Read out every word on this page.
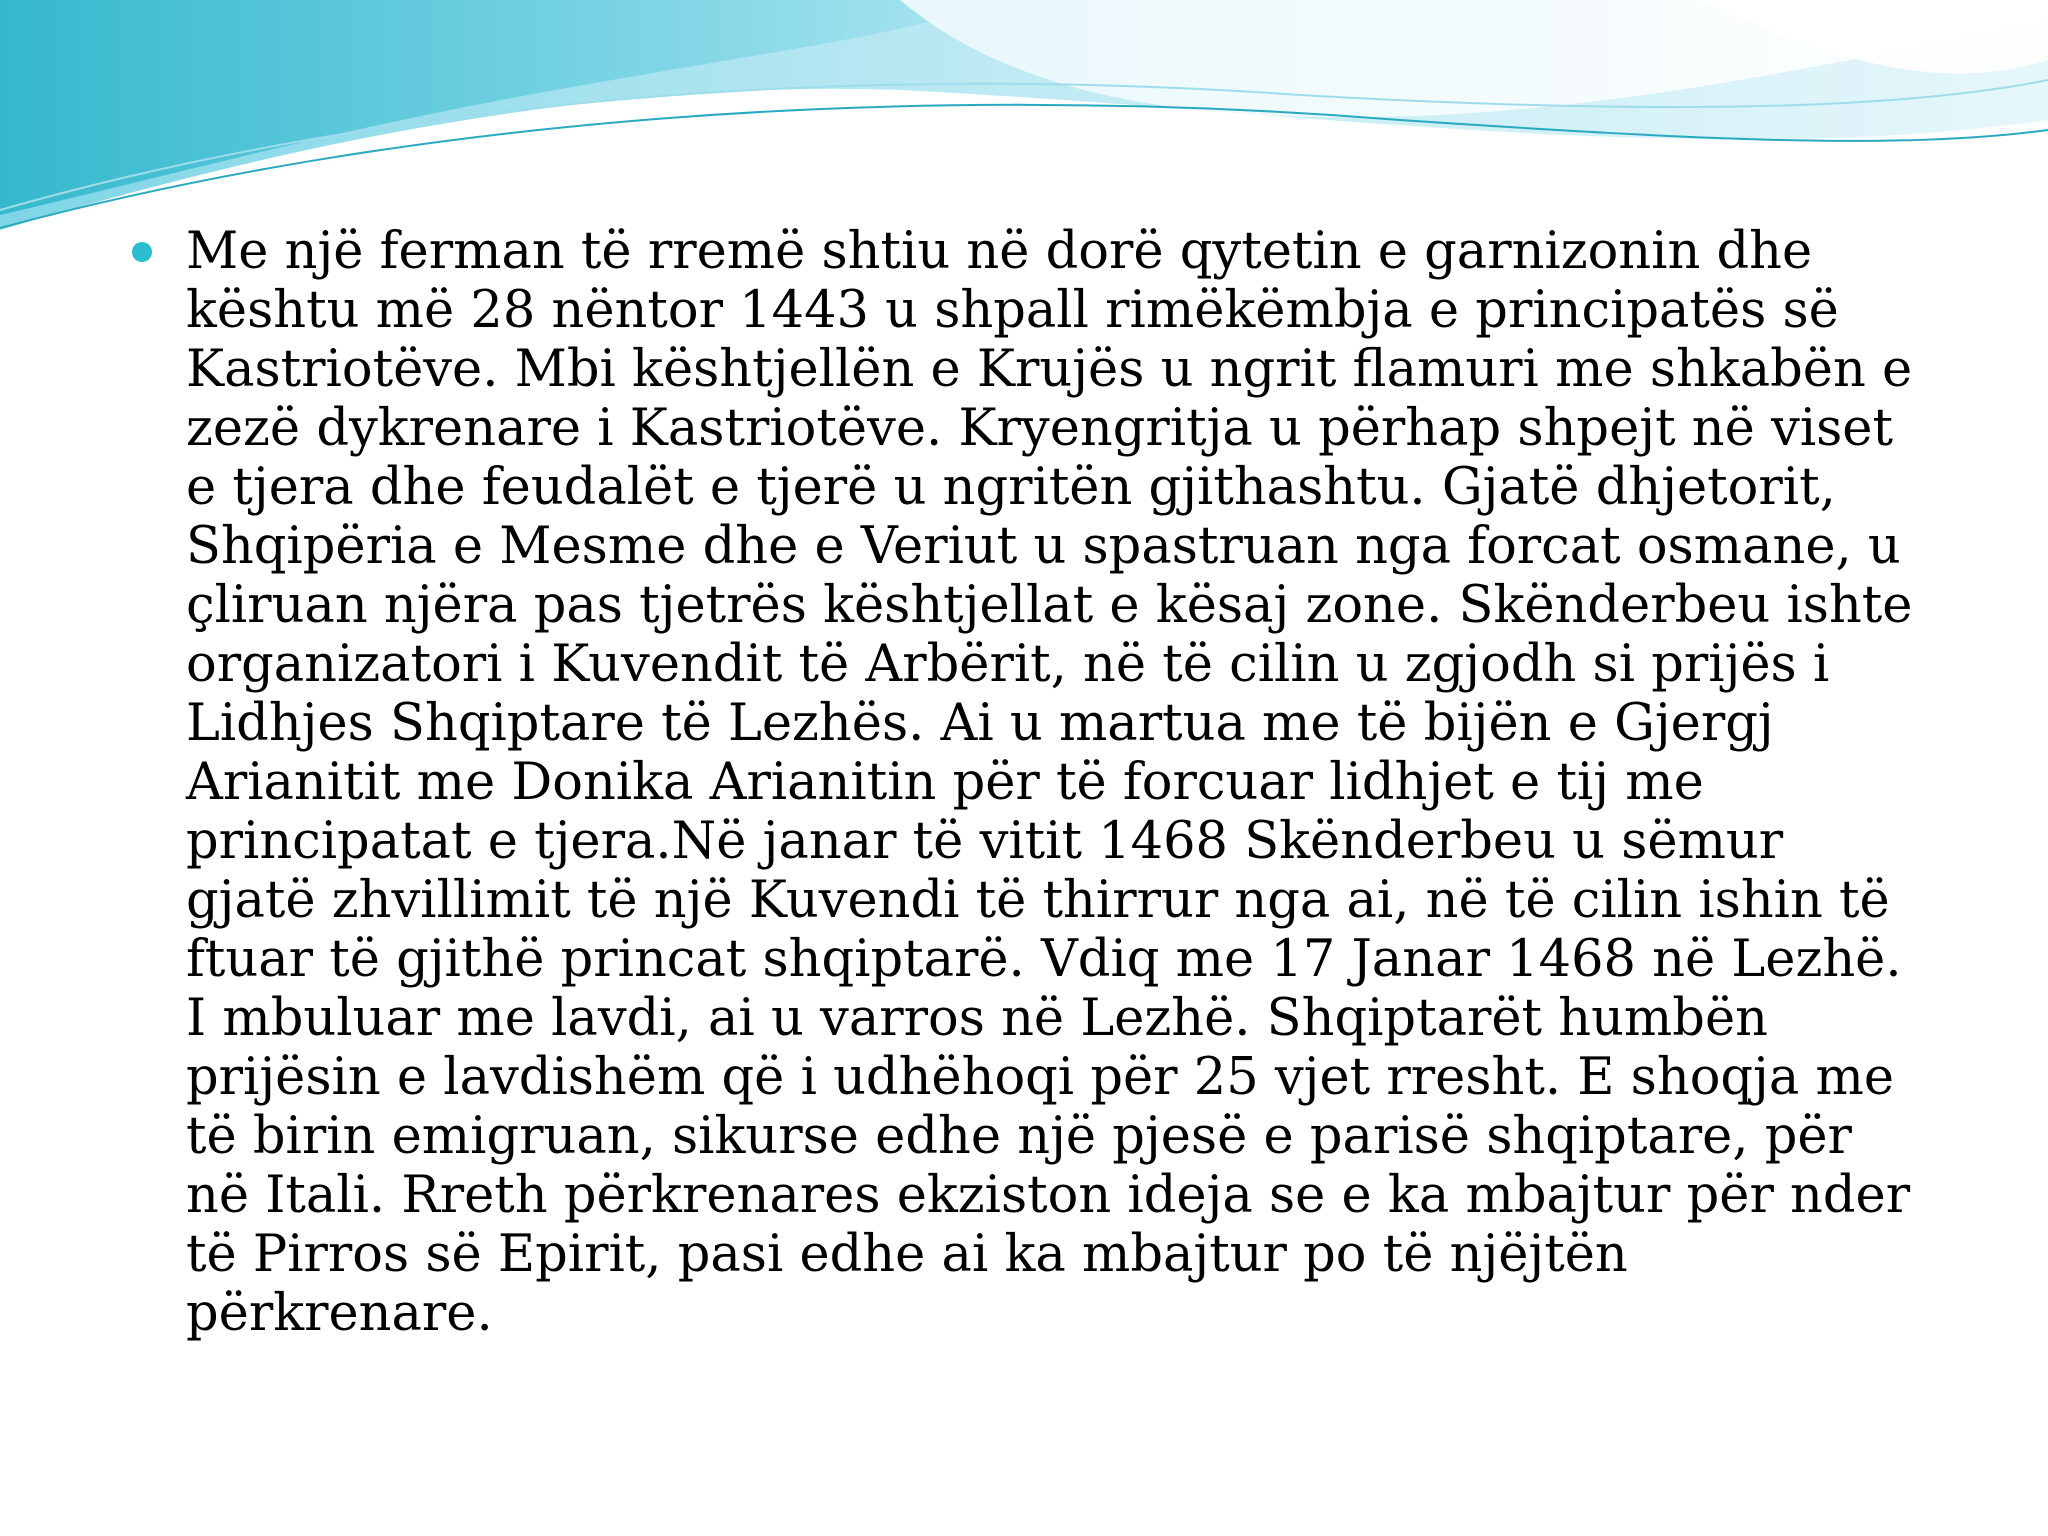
Me një ferman të rremë shtiu në dorë qytetin e garnizonin dhe kështu më 28 nëntor 1443 u shpall rimëkëmbja e principatës së Kastriotëve. Mbi kështjellën e Krujës u ngrit flamuri me shkabën e zezë dykrenare i Kastriotëve. Kryengritja u përhap shpejt në viset e tjera dhe feudalët e tjerë u ngritën gjithashtu. Gjatë dhjetorit, Shqipëria e Mesme dhe e Veriut u spastruan nga forcat osmane, u çliruan njëra pas tjetrës kështjellat e kësaj zone. Skënderbeu ishte organizatori i Kuvendit të Arbërit, në të cilin u zgjodh si prijës i Lidhjes Shqiptare të Lezhës. Ai u martua me të bijën e Gjergj Arianitit me Donika Arianitin për të forcuar lidhjet e tij me principatat e tjera.Në janar të vitit 1468 Skënderbeu u sëmur gjatë zhvillimit të një Kuvendi të thirrur nga ai, në të cilin ishin të ftuar të gjithë princat shqiptarë. Vdiq me 17 Janar 1468 në Lezhë. I mbuluar me lavdi, ai u varros në Lezhë. Shqiptarët humbën prijësin e lavdishëm që i udhëhoqi për 25 vjet rresht. E shoqja me të birin emigruan, sikurse edhe një pjesë e parisë shqiptare, për në Itali. Rreth përkrenares ekziston ideja se e ka mbajtur për nder të Pirros së Epirit, pasi edhe ai ka mbajtur po të njëjtën përkrenare.
